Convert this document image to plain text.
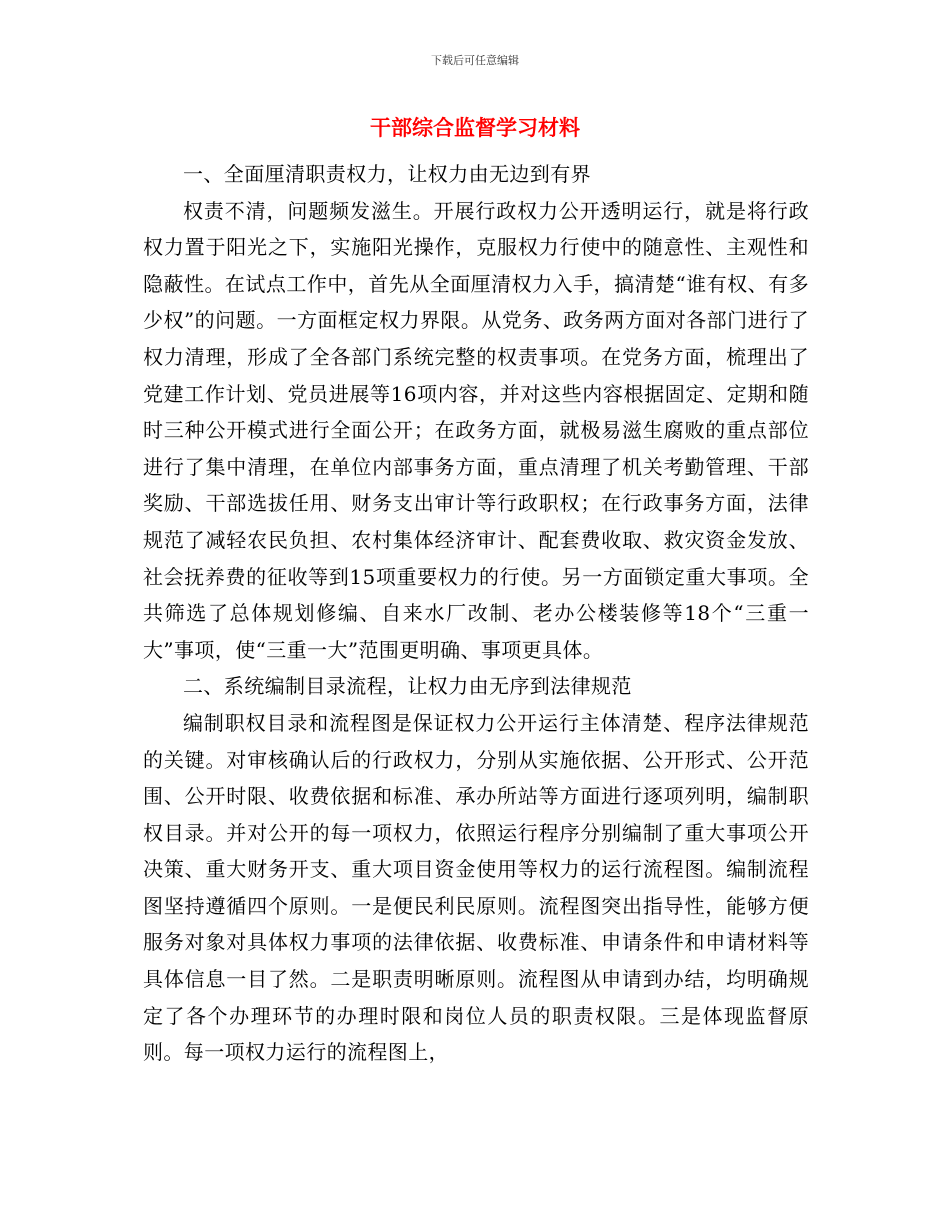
下载后可任意编辑
干部综合监督学习材料

一、全面厘清职责权力，让权力由无边到有界

权责不清，问题频发滋生。开展行政权力公开透明运行，就是将行政权力置于阳光之下，实施阳光操作，克服权力行使中的随意性、主观性和隐蔽性。在试点工作中，首先从全面厘清权力入手，搞清楚“谁有权、有多少权”的问题。一方面框定权力界限。从党务、政务两方面对各部门进行了权力清理，形成了全各部门系统完整的权责事项。在党务方面，梳理出了党建工作计划、党员进展等16项内容，并对这些内容根据固定、定期和随时三种公开模式进行全面公开；在政务方面，就极易滋生腐败的重点部位进行了集中清理，在单位内部事务方面，重点清理了机关考勤管理、干部奖励、干部选拔任用、财务支出审计等行政职权；在行政事务方面，法律规范了减轻农民负担、农村集体经济审计、配套费收取、救灾资金发放、社会抚养费的征收等到15项重要权力的行使。另一方面锁定重大事项。全共筛选了总体规划修编、自来水厂改制、老办公楼装修等18个“三重一大”事项，使“三重一大”范围更明确、事项更具体。

二、系统编制目录流程，让权力由无序到法律规范

编制职权目录和流程图是保证权力公开运行主体清楚、程序法律规范的关键。对审核确认后的行政权力，分别从实施依据、公开形式、公开范围、公开时限、收费依据和标准、承办所站等方面进行逐项列明，编制职权目录。并对公开的每一项权力，依照运行程序分别编制了重大事项公开决策、重大财务开支、重大项目资金使用等权力的运行流程图。编制流程图坚持遵循四个原则。一是便民利民原则。流程图突出指导性，能够方便服务对象对具体权力事项的法律依据、收费标准、申请条件和申请材料等具体信息一目了然。二是职责明晰原则。流程图从申请到办结，均明确规定了各个办理环节的办理时限和岗位人员的职责权限。三是体现监督原则。每一项权力运行的流程图上，
